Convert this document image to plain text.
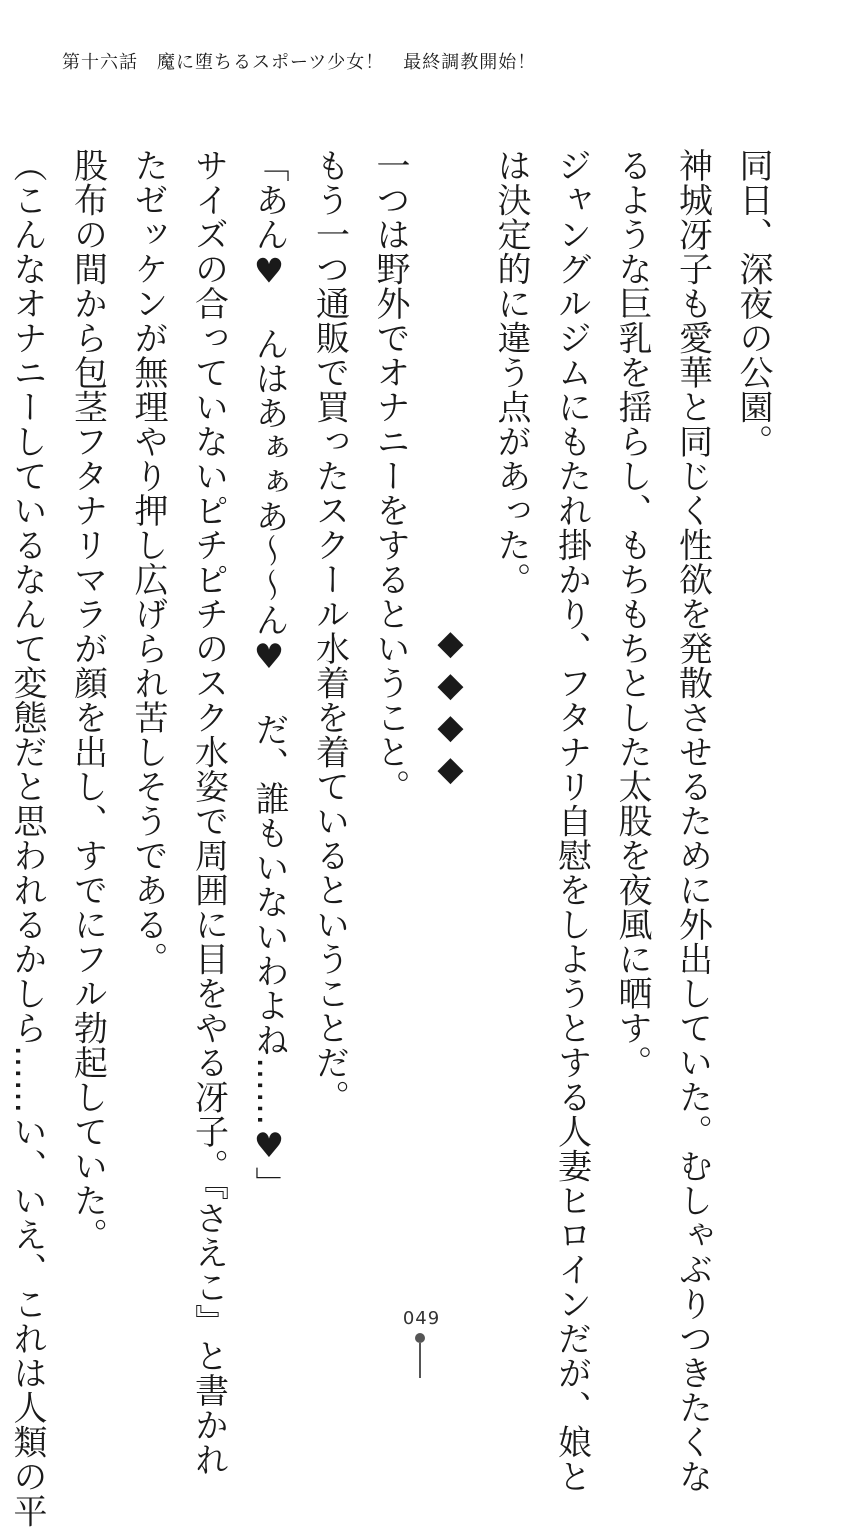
第十六話　魔に堕ちるスポーツ少女！　最終調教開始！

同日、深夜の公園。

神城冴子も愛華と同じく性欲を発散させるために外出していた。むしゃぶりつきたくな

るような巨乳を揺らし、もちもちとした太股を夜風に晒す。

ジャングルジムにもたれ掛かり、フタナリ自慰をしようとする人妻ヒロインだが、娘と

は決定的に違う点があった。

◆◆◆◆

一つは野外でオナニーをするということ。

もう一つ通販で買ったスクール水着を着ているということだ。

「あん♥　んはあぁぁあ～～ん♥　だ、誰もいないわよね……♥」

サイズの合っていないピチピチのスク水姿で周囲に目をやる冴子。『さえこ』と書かれ

たゼッケンが無理やり押し広げられ苦しそうである。

股布の間から包茎フタナリマラが顔を出し、すでにフル勃起していた。

（こんなオナニーしているなんて変態だと思われるかしら……い、いえ、これは人類の平	049
